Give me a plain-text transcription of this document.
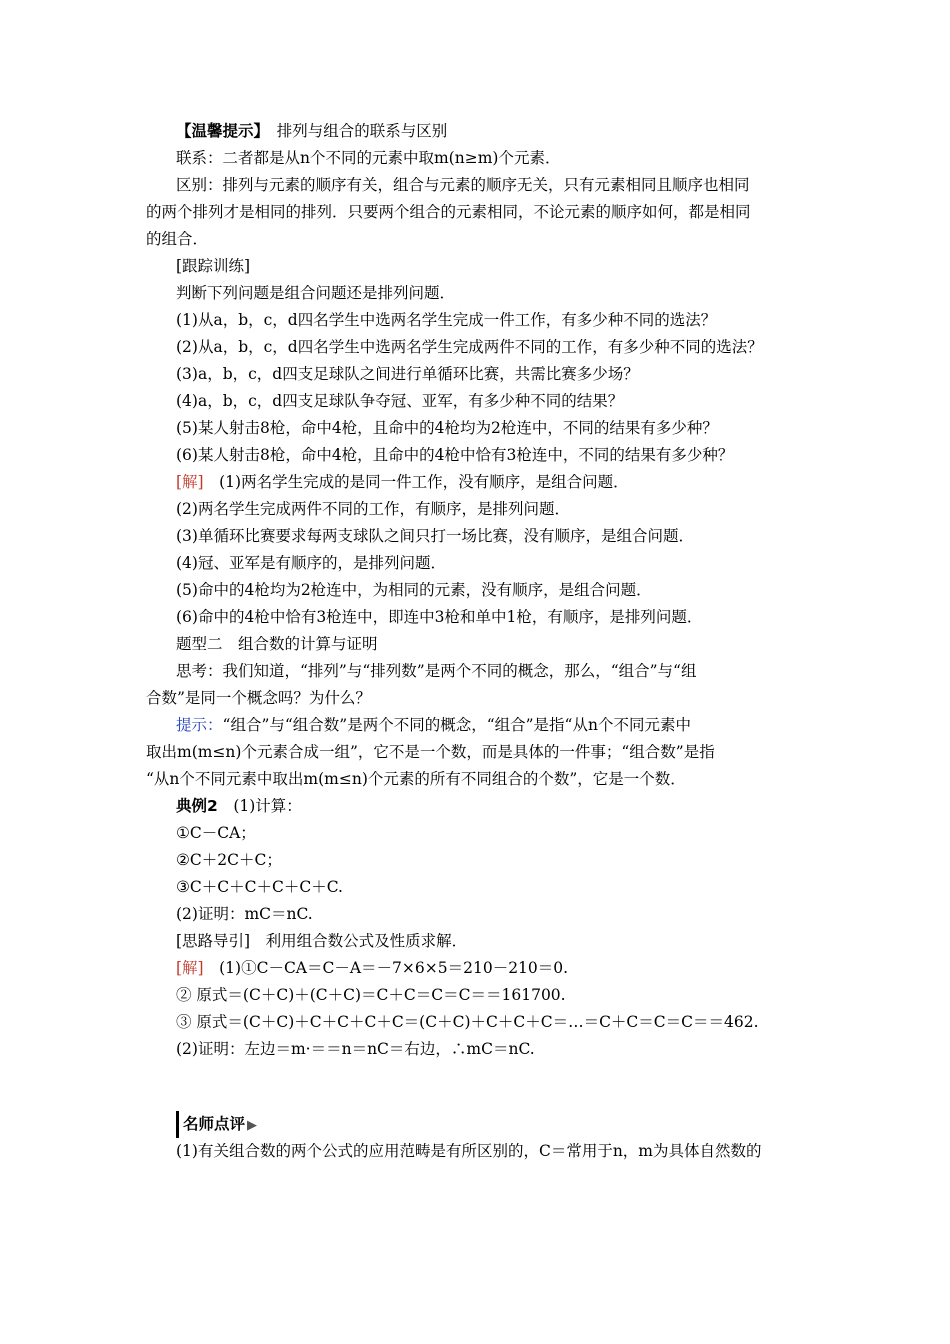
【温馨提示】　 排列与组合的联系与区别
联系：二者都是从n个不同的元素中取m(n≥m)个元素．
区别：排列与元素的顺序有关，组合与元素的顺序无关，只有元素相同且顺序也相同
的两个排列才是相同的排列．只要两个组合的元素相同，不论元素的顺序如何，都是相同
的组合．
[跟踪训练]
判断下列问题是组合问题还是排列问题．
(1)从a，b，c，d四名学生中选两名学生完成一件工作，有多少种不同的选法？
(2)从a，b，c，d四名学生中选两名学生完成两件不同的工作，有多少种不同的选法？
(3)a，b，c，d四支足球队之间进行单循环比赛，共需比赛多少场？
(4)a，b，c，d四支足球队争夺冠、亚军，有多少种不同的结果？
(5)某人射击8枪，命中4枪，且命中的4枪均为2枪连中，不同的结果有多少种？
(6)某人射击8枪，命中4枪，且命中的4枪中恰有3枪连中，不同的结果有多少种？
[解]　 (1)两名学生完成的是同一件工作，没有顺序，是组合问题．
(2)两名学生完成两件不同的工作，有顺序，是排列问题．
(3)单循环比赛要求每两支球队之间只打一场比赛，没有顺序，是组合问题．
(4)冠、亚军是有顺序的，是排列问题．
(5)命中的4枪均为2枪连中，为相同的元素，没有顺序，是组合问题．
(6)命中的4枪中恰有3枪连中，即连中3枪和单中1枪，有顺序，是排列问题．
题型二　组合数的计算与证明
思考：我们知道，“排列”与“排列数”是两个不同的概念，那么，“组合”与“组
合数”是同一个概念吗？为什么？
提示：“组合”与“组合数”是两个不同的概念，“组合”是指“从n个不同元素中
取出m(m≤n)个元素合成一组”，它不是一个数，而是具体的一件事；“组合数”是指
“从n个不同元素中取出m(m≤n)个元素的所有不同组合的个数”，它是一个数．
典例2　 (1)计算：
①C－CA；
②C＋2C＋C；
③C＋C＋C＋C＋C＋C.
(2)证明：mC＝nC.
[思路导引]　利用组合数公式及性质求解．
[解]　 (1)①C－CA＝C－A＝－7×6×5＝210－210＝0.
② 原式＝(C＋C)＋(C＋C)＝C＋C＝C＝C＝＝161700.
③ 原式＝(C＋C)＋C＋C＋C＋C＝(C＋C)＋C＋C＋C＝…＝C＋C＝C＝C＝＝462.
(2)证明：左边＝m·＝＝n＝nC＝右边，∴mC＝nC.
名师点评 ▶
(1)有关组合数的两个公式的应用范畴是有所区别的，C＝常用于n，m为具体自然数的
